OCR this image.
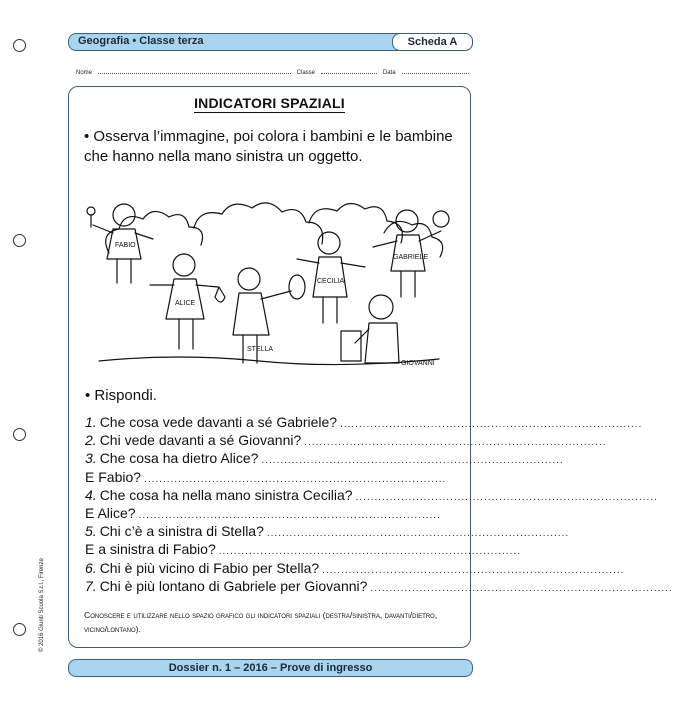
Geografia • Classe terza	Scheda A
Nome	Classe	Data
INDICATORI SPAZIALI
• Osserva l’immagine, poi colora i bambini e le bambine che hanno nella mano sinistra un oggetto.
FABIO
ALICE
CECILIA
GABRIELE
STELLA
GIOVANNI
• Rispondi.
1. Che cosa vede davanti a sé Gabriele? ................................................................................
2. Chi vede davanti a sé Giovanni? ................................................................................
3. Che cosa ha dietro Alice? ................................................................................
E Fabio? ................................................................................
4. Che cosa ha nella mano sinistra Cecilia? ................................................................................
E Alice? ................................................................................
5. Chi c’è a sinistra di Stella? ................................................................................
E a sinistra di Fabio? ................................................................................
6. Chi è più vicino di Fabio per Stella? ................................................................................
7. Chi è più lontano di Gabriele per Giovanni? ................................................................................
Conoscere e utilizzare nello spazio grafico gli indicatori spaziali (destra/sinistra, davanti/dietro, vicino/lontano).
© 2016 Giunti Scuola S.r.l., Firenze
Dossier n. 1 – 2016 – Prove di ingresso
